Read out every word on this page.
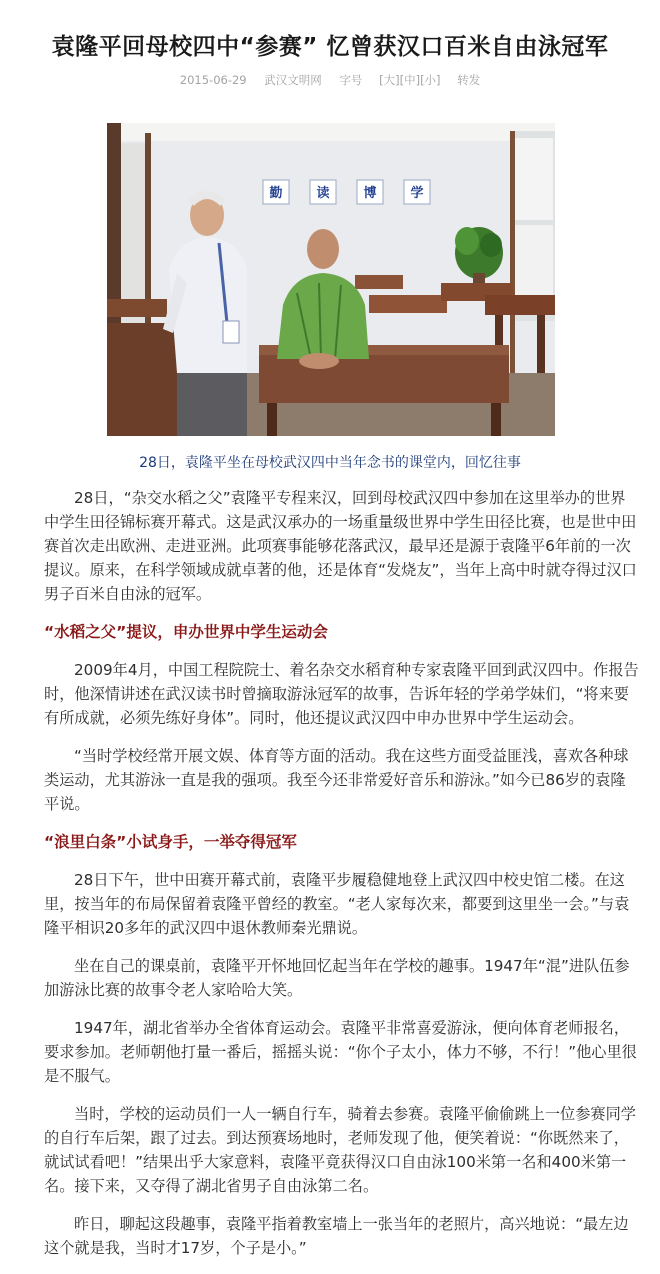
袁隆平回母校四中“参赛” 忆曾获汉口百米自由泳冠军
2015-06-29 武汉文明网 字号 [大][中][小] 转发
勤	读	博	学
28日，袁隆平坐在母校武汉四中当年念书的课堂内，回忆往事

28日，“杂交水稻之父”袁隆平专程来汉，回到母校武汉四中参加在这里举办的世界中学生田径锦标赛开幕式。这是武汉承办的一场重量级世界中学生田径比赛，也是世中田赛首次走出欧洲、走进亚洲。此项赛事能够花落武汉，最早还是源于袁隆平6年前的一次提议。原来，在科学领域成就卓著的他，还是体育“发烧友”，当年上高中时就夺得过汉口男子百米自由泳的冠军。

“水稻之父”提议，申办世界中学生运动会

2009年4月，中国工程院院士、着名杂交水稻育种专家袁隆平回到武汉四中。作报告时，他深情讲述在武汉读书时曾摘取游泳冠军的故事，告诉年轻的学弟学妹们，“将来要有所成就，必须先练好身体”。同时，他还提议武汉四中申办世界中学生运动会。

“当时学校经常开展文娱、体育等方面的活动。我在这些方面受益匪浅，喜欢各种球类运动，尤其游泳一直是我的强项。我至今还非常爱好音乐和游泳。”如今已86岁的袁隆平说。

“浪里白条”小试身手，一举夺得冠军

28日下午，世中田赛开幕式前，袁隆平步履稳健地登上武汉四中校史馆二楼。在这里，按当年的布局保留着袁隆平曾经的教室。“老人家每次来，都要到这里坐一会。”与袁隆平相识20多年的武汉四中退休教师秦光鼎说。

坐在自己的课桌前，袁隆平开怀地回忆起当年在学校的趣事。1947年“混”进队伍参加游泳比赛的故事令老人家哈哈大笑。

1947年，湖北省举办全省体育运动会。袁隆平非常喜爱游泳，便向体育老师报名，要求参加。老师朝他打量一番后，摇摇头说：“你个子太小，体力不够，不行！”他心里很是不服气。

当时，学校的运动员们一人一辆自行车，骑着去参赛。袁隆平偷偷跳上一位参赛同学的自行车后架，跟了过去。到达预赛场地时，老师发现了他，便笑着说：“你既然来了，就试试看吧！”结果出乎大家意料，袁隆平竟获得汉口自由泳100米第一名和400米第一名。接下来，又夺得了湖北省男子自由泳第二名。

昨日，聊起这段趣事，袁隆平指着教室墙上一张当年的老照片，高兴地说：“最左边这个就是我，当时才17岁，个子是小。”
